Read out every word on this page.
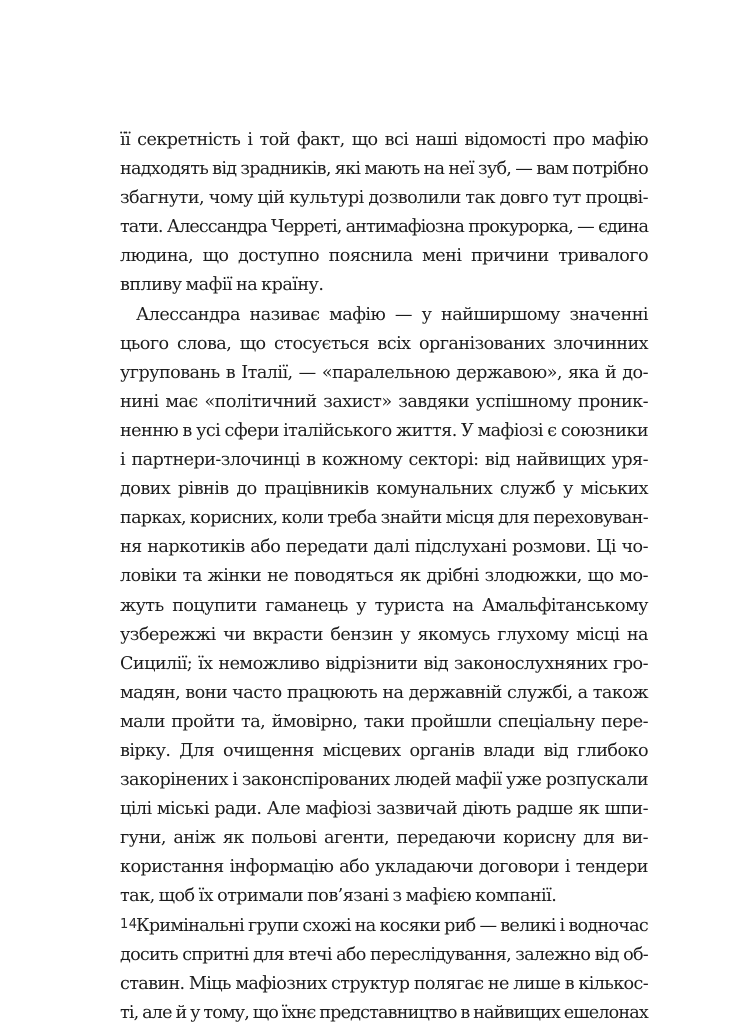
її секретність і той факт, що всі наші відомості про мафію
надходять від зрадників, які мають на неї зуб, — вам потрібно
збагнути, чому цій культурі дозволили так довго тут процві-
тати. Алессандра Черреті, антимафіозна прокурорка, — єдина
людина, що доступно пояснила мені причини тривалого
впливу мафії на країну.
Алессандра називає мафію — у найширшому значенні
цього слова, що стосується всіх організованих злочинних
угруповань в Італії, — «паралельною державою», яка й до-
нині має «політичний захист» завдяки успішному проник-
ненню в усі сфери італійського життя. У мафіозі є союзники
і партнери-злочинці в кожному секторі: від найвищих уря-
дових рівнів до працівників комунальних служб у міських
парках, корисних, коли треба знайти місця для переховуван-
ня наркотиків або передати далі підслухані розмови. Ці чо-
ловіки та жінки не поводяться як дрібні злодюжки, що мо-
жуть поцупити гаманець у туриста на Амальфітанському
узбережжі чи вкрасти бензин у якомусь глухому місці на
Сицилії; їх неможливо відрізнити від законослухняних гро-
мадян, вони часто працюють на державній службі, а також
мали пройти та, ймовірно, таки пройшли спеціальну пере-
вірку. Для очищення місцевих органів влади від глибоко
закорінених і законспірованих людей мафії уже розпускали
цілі міські ради. Але мафіозі зазвичай діють радше як шпи-
гуни, аніж як польові агенти, передаючи корисну для ви-
користання інформацію або укладаючи договори і тендери
так, щоб їх отримали пов’язані з мафією компанії.
Кримінальні групи схожі на косяки риб — великі і водночас
досить спритні для втечі або переслідування, залежно від об-
ставин. Міць мафіозних структур полягає не лише в кількос-
ті, але й у тому, що їхнє представництво в найвищих ешелонах
14
